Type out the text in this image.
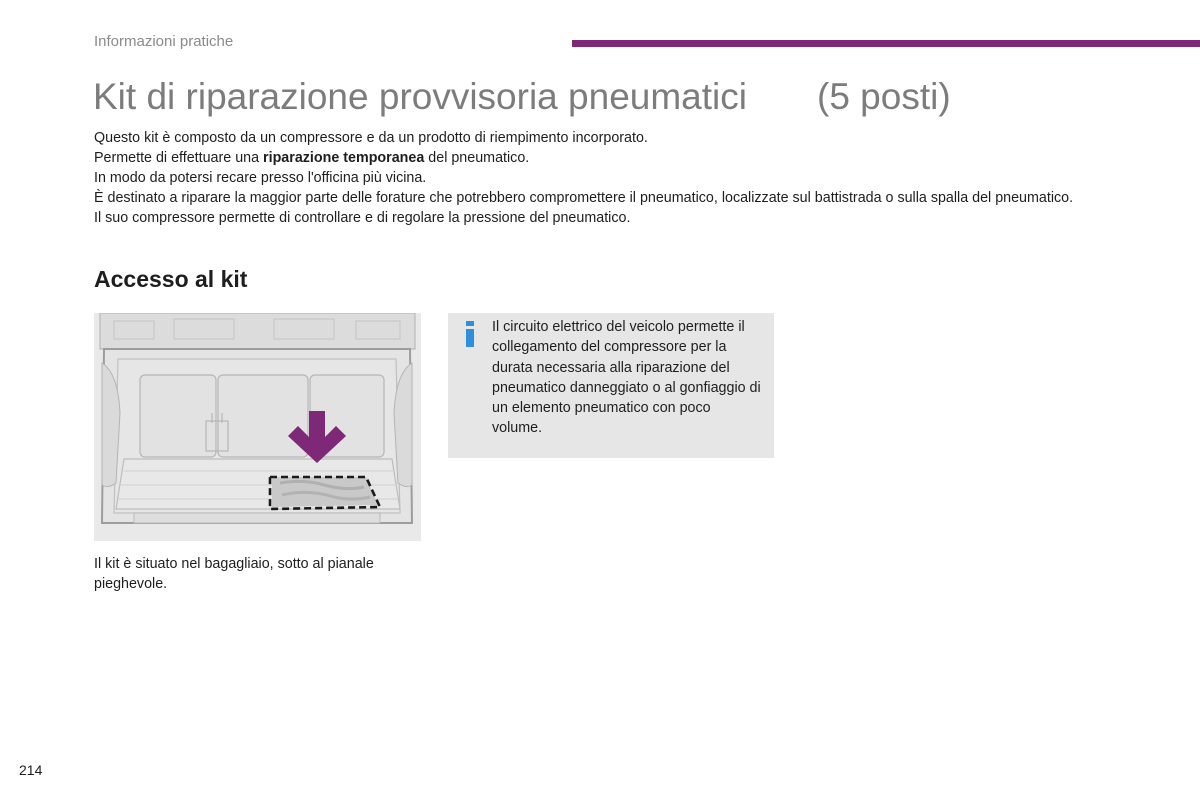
Informazioni pratiche
Kit di riparazione provvisoria pneumatici (5 posti)

Questo kit è composto da un compressore e da un prodotto di riempimento incorporato.

Permette di effettuare una riparazione temporanea del pneumatico.

In modo da potersi recare presso l'officina più vicina.

È destinato a riparare la maggior parte delle forature che potrebbero compromettere il pneumatico, localizzate sul battistrada o sulla spalla del pneumatico.

Il suo compressore permette di controllare e di regolare la pressione del pneumatico.

Accesso al kit
Il kit è situato nel bagagliaio, sotto al pianale pieghevole.
Il circuito elettrico del veicolo permette il collegamento del compressore per la durata necessaria alla riparazione del pneumatico danneggiato o al gonfiaggio di un elemento pneumatico con poco volume.
214
